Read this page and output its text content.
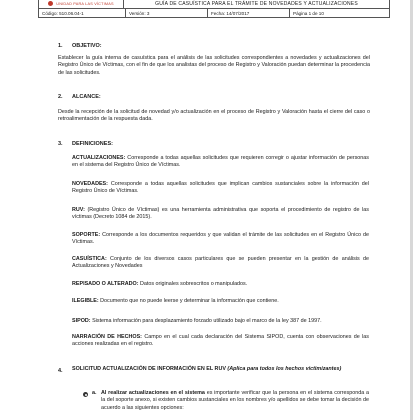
UNIDAD PARA LAS VÍCTIMAS	GUÍA DE CASUÍSTICA PARA EL TRÁMITE DE NOVEDADES Y ACTUALIZACIONES
Código: 510.06.04-1	Versión: 3	Fecha: 14/07/2017	Página 1 de 10
1. OBJETIVO:

Establecer la guía interna de casuística para el análisis de las solicitudes correspondientes a novedades y actualizaciones del Registro Único de Víctimas, con el fin de que los analistas del proceso de Registro y Valoración puedan determinar la procedencia de las solicitudes.

2. ALCANCE:

Desde la recepción de la solicitud de novedad y/o actualización en el proceso de Registro y Valoración hasta el cierre del caso o retroalimentación de la respuesta dada.

3. DEFINICIONES:

ACTUALIZACIONES: Corresponde a todas aquellas solicitudes que requieren corregir o ajustar información de personas en el sistema del Registro Único de Víctimas.

NOVEDADES: Corresponde a todas aquellas solicitudes que implican cambios sustanciales sobre la información del Registro Único de Víctimas.

RUV: (Registro Único de Víctimas) es una herramienta administrativa que soporta el procedimiento de registro de las víctimas (Decreto 1084 de 2015).

SOPORTE: Corresponde a los documentos requeridos y que validan el trámite de las solicitudes en el Registro Único de Víctimas.

CASUÍSTICA: Conjunto de los diversos casos particulares que se pueden presentar en la gestión de análisis de Actualizaciones y Novedades

REPISADO O ALTERADO: Datos originales sobrescritos o manipulados.

ILEGIBLE: Documento que no puede leerse y determinar la información que contiene.

SIPOD: Sistema información para desplazamiento forzado utilizado bajo el marco de la ley 387 de 1997.

NARRACIÓN DE HECHOS: Campo en el cual cada declaración del Sistema SIPOD, cuenta con observaciones de las acciones realizadas en el registro.

4. SOLICITUD ACTUALIZACIÓN DE INFORMACIÓN EN EL RUV (Aplica para todos los hechos victimizantes)

a. Al realizar actualizaciones en el sistema es importante verificar que la persona en el sistema corresponda a la del soporte anexo, si existen cambios sustanciales en los nombres y/o apellidos se debe tomar la decisión de acuerdo a las siguientes opciones:
